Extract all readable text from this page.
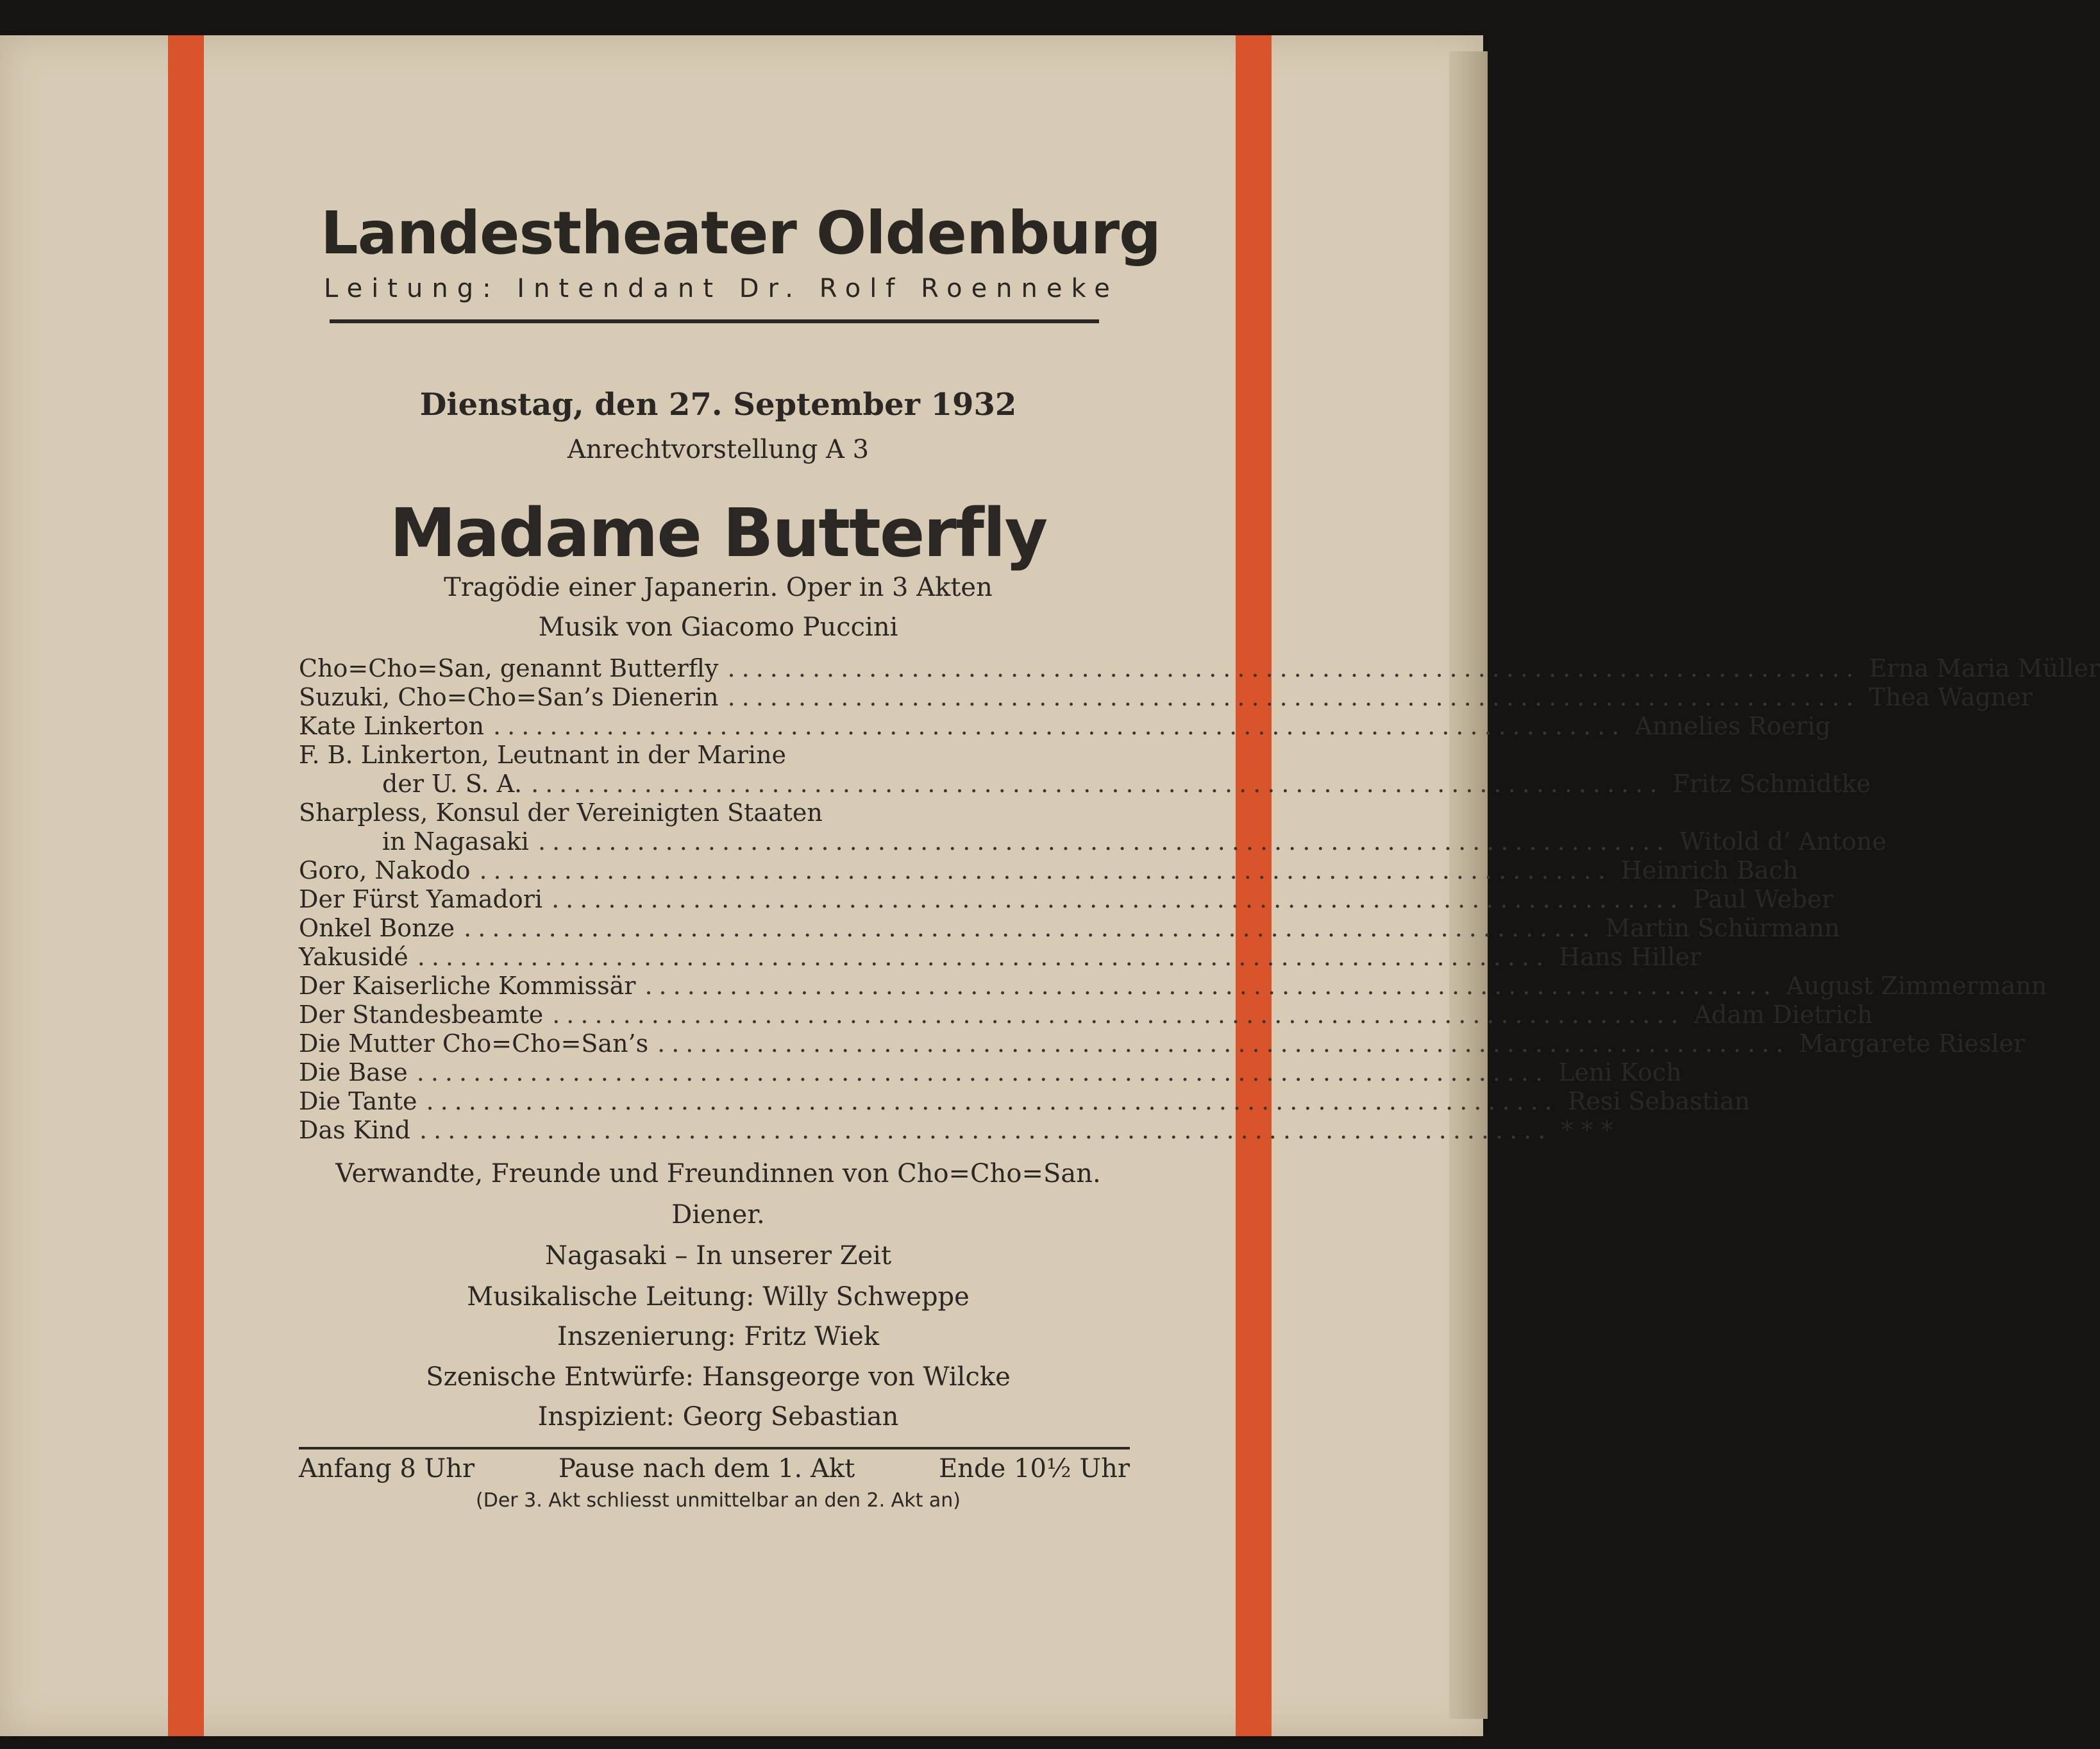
Landestheater Oldenburg
Leitung: Intendant Dr. Rolf Roenneke
Dienstag, den 27. September 1932
Anrechtvorstellung A 3
Madame Butterfly
Tragödie einer Japanerin. Oper in 3 Akten
Musik von Giacomo Puccini
Cho=Cho=San, genannt Butterfly ................................................................................ Erna Maria Müller
Suzuki, Cho=Cho=San’s Dienerin ................................................................................ Thea Wagner
Kate Linkerton ................................................................................ Annelies Roerig
F. B. Linkerton, Leutnant in der Marine
der U. S. A. ................................................................................ Fritz Schmidtke
Sharpless, Konsul der Vereinigten Staaten
in Nagasaki ................................................................................ Witold d’ Antone
Goro, Nakodo ................................................................................ Heinrich Bach
Der Fürst Yamadori ................................................................................ Paul Weber
Onkel Bonze ................................................................................ Martin Schürmann
Yakusidé ................................................................................ Hans Hiller
Der Kaiserliche Kommissär ................................................................................ August Zimmermann
Der Standesbeamte ................................................................................ Adam Dietrich
Die Mutter Cho=Cho=San’s ................................................................................ Margarete Riesler
Die Base ................................................................................ Leni Koch
Die Tante ................................................................................ Resi Sebastian
Das Kind ................................................................................ * * *
Verwandte, Freunde und Freundinnen von Cho=Cho=San.
Diener.
Nagasaki – In unserer Zeit
Musikalische Leitung: Willy Schweppe
Inszenierung: Fritz Wiek
Szenische Entwürfe: Hansgeorge von Wilcke
Inspizient: Georg Sebastian
Anfang 8 Uhr	Pause nach dem 1. Akt	Ende 10½ Uhr
(Der 3. Akt schliesst unmittelbar an den 2. Akt an)
